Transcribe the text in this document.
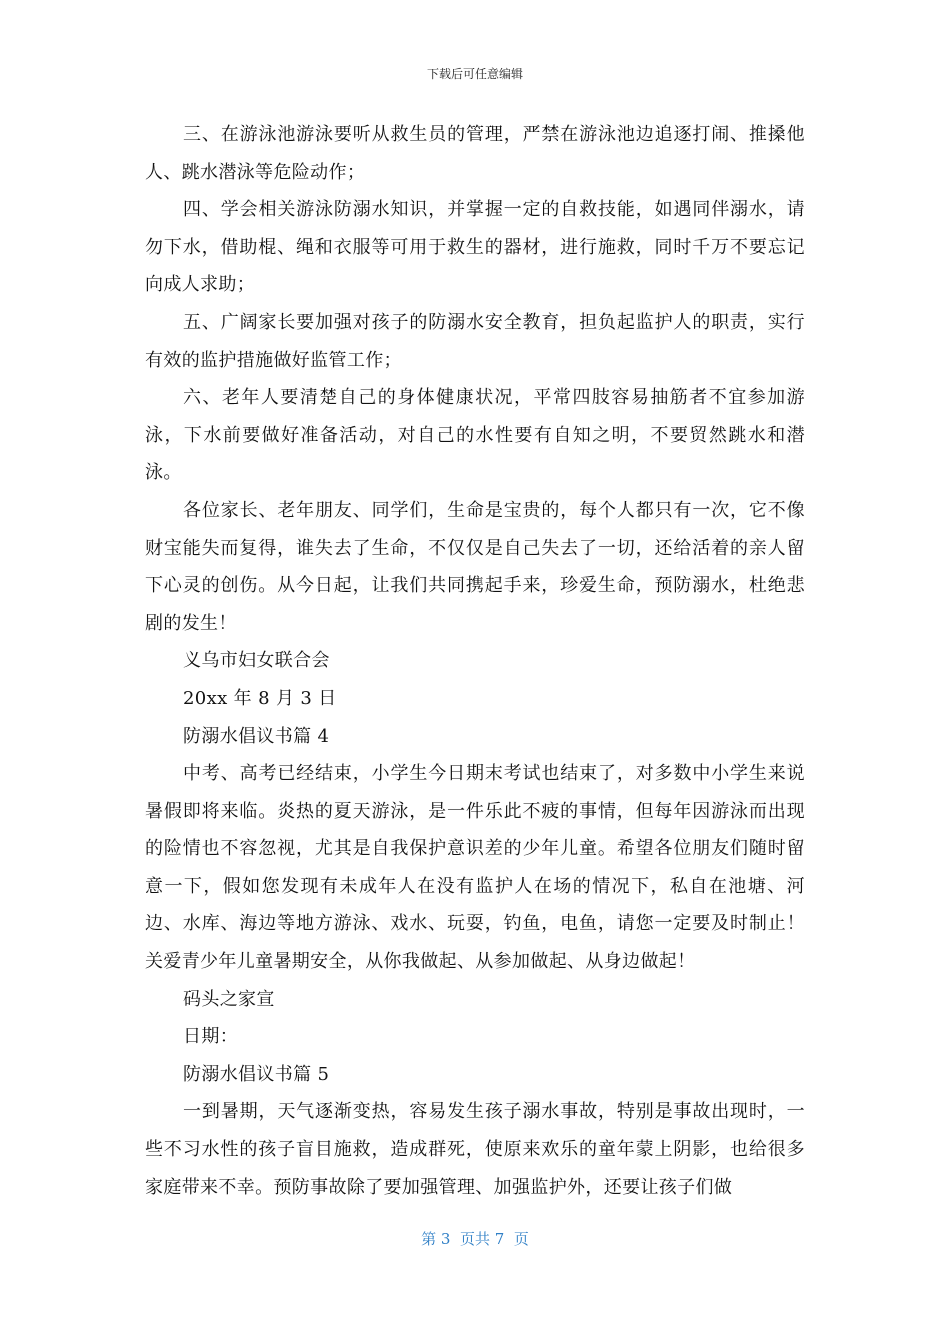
下载后可任意编辑

三、在游泳池游泳要听从救生员的管理，严禁在游泳池边追逐打闹、推搡他人、跳水潜泳等危险动作；

四、学会相关游泳防溺水知识，并掌握一定的自救技能，如遇同伴溺水，请勿下水，借助棍、绳和衣服等可用于救生的器材，进行施救，同时千万不要忘记向成人求助；

五、广阔家长要加强对孩子的防溺水安全教育，担负起监护人的职责，实行有效的监护措施做好监管工作；

六、老年人要清楚自己的身体健康状况，平常四肢容易抽筋者不宜参加游泳，下水前要做好准备活动，对自己的水性要有自知之明，不要贸然跳水和潜泳。

各位家长、老年朋友、同学们，生命是宝贵的，每个人都只有一次，它不像财宝能失而复得，谁失去了生命，不仅仅是自己失去了一切，还给活着的亲人留下心灵的创伤。从今日起，让我们共同携起手来，珍爱生命，预防溺水，杜绝悲剧的发生！

义乌市妇女联合会

20xx 年 8 月 3 日

防溺水倡议书篇 4

中考、高考已经结束，小学生今日期末考试也结束了，对多数中小学生来说暑假即将来临。炎热的夏天游泳，是一件乐此不疲的事情，但每年因游泳而出现的险情也不容忽视，尤其是自我保护意识差的少年儿童。希望各位朋友们随时留意一下，假如您发现有未成年人在没有监护人在场的情况下，私自在池塘、河边、水库、海边等地方游泳、戏水、玩耍，钓鱼，电鱼，请您一定要及时制止！关爱青少年儿童暑期安全，从你我做起、从参加做起、从身边做起！

码头之家宣

日期：

防溺水倡议书篇 5

一到暑期，天气逐渐变热，容易发生孩子溺水事故，特别是事故出现时，一些不习水性的孩子盲目施救，造成群死，使原来欢乐的童年蒙上阴影，也给很多家庭带来不幸。预防事故除了要加强管理、加强监护外，还要让孩子们做

第 3  页共 7  页
